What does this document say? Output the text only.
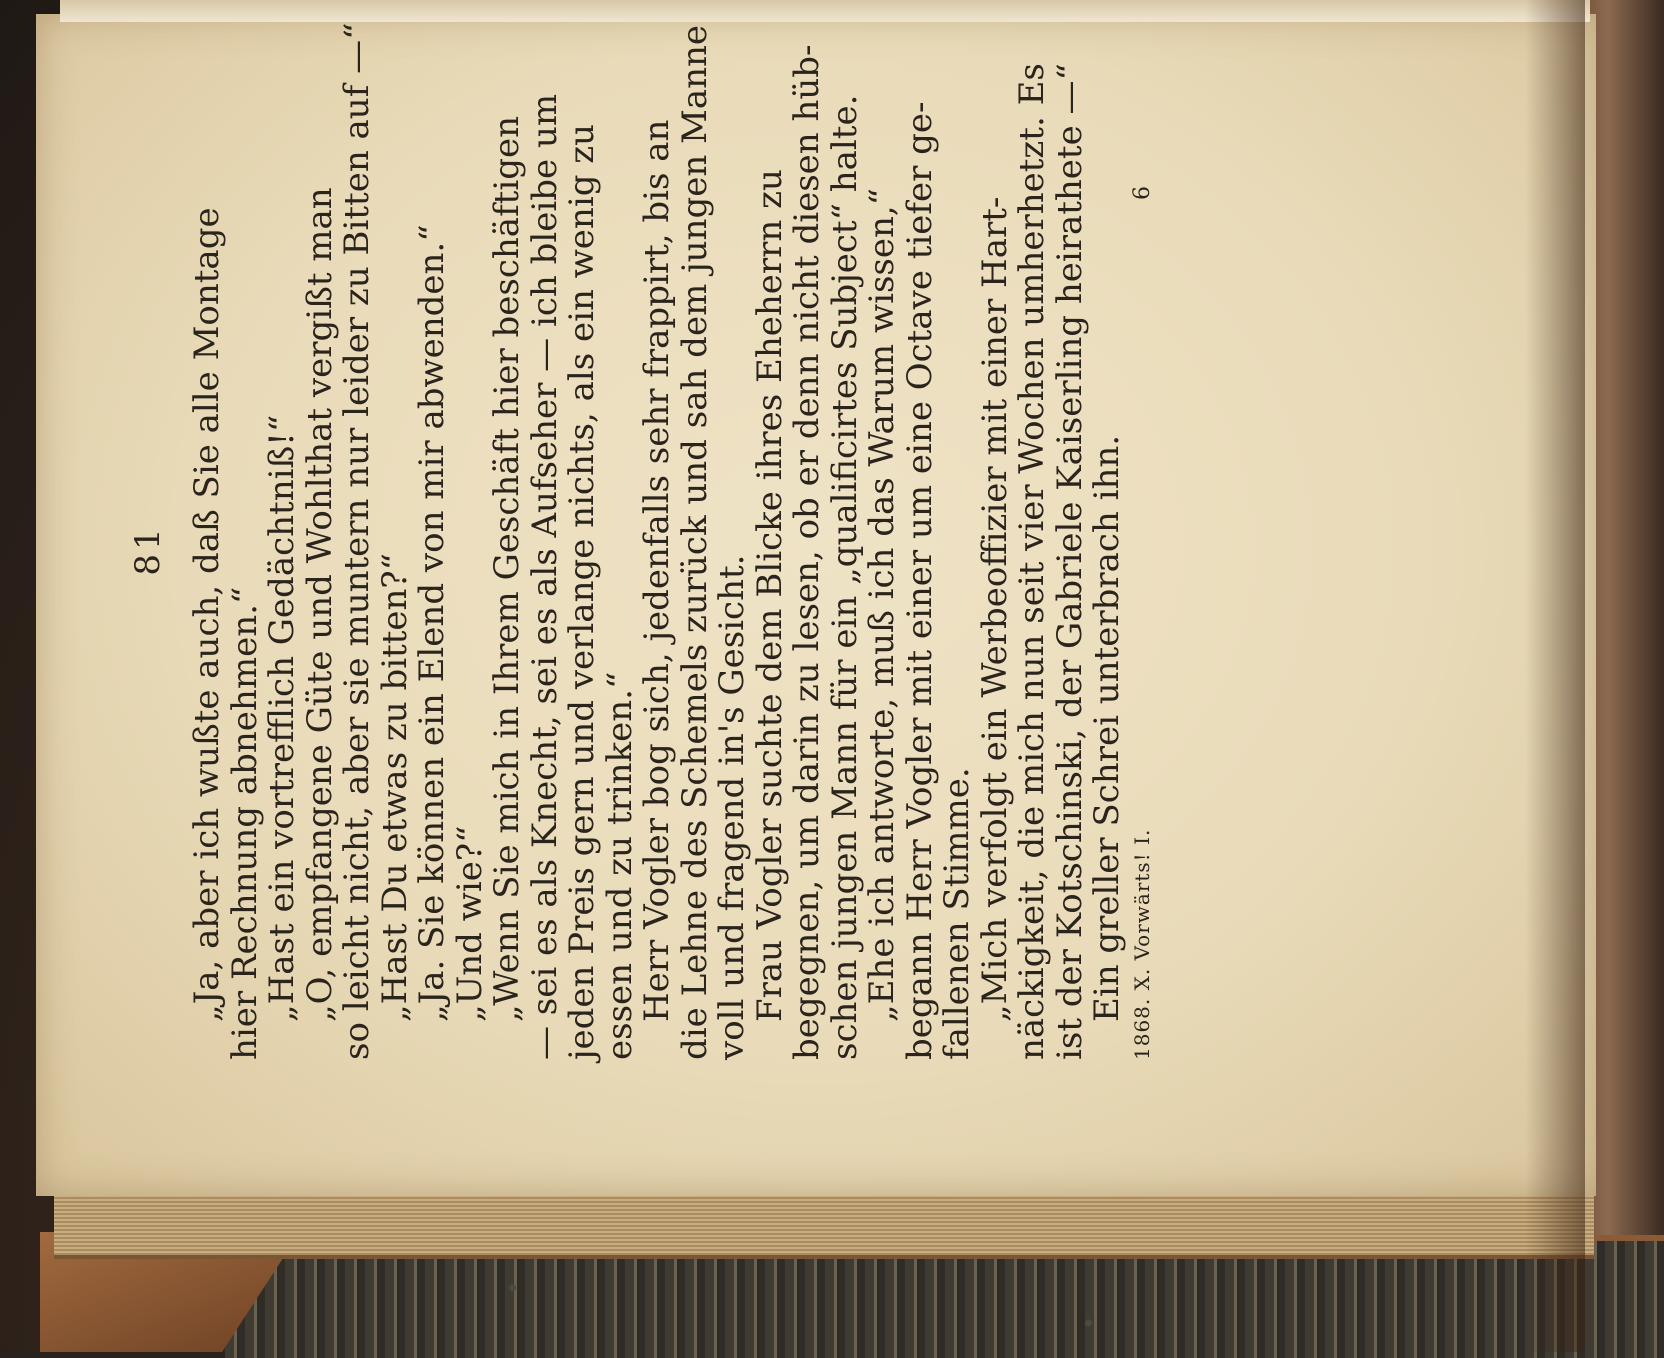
81 „Ja, aber ich wußte auch, daß Sie alle Montage
hier Rechnung abnehmen.“
„Hast ein vortrefflich Gedächtniß!“
„O, empfangene Güte und Wohlthat vergißt man
so leicht nicht, aber sie muntern nur leider zu Bitten auf —“
„Hast Du etwas zu bitten?“
„Ja. Sie können ein Elend von mir abwenden.“
„Und wie?“
„Wenn Sie mich in Ihrem Geschäft hier beschäftigen
— sei es als Knecht, sei es als Aufseher — ich bleibe um
jeden Preis gern und verlange nichts, als ein wenig zu
essen und zu trinken.“
Herr Vogler bog sich, jedenfalls sehr frappirt, bis an
die Lehne des Schemels zurück und sah dem jungen Manne
voll und fragend in's Gesicht.
Frau Vogler suchte dem Blicke ihres Eheherrn zu
begegnen, um darin zu lesen, ob er denn nicht diesen hüb-
schen jungen Mann für ein „qualificirtes Subject“ halte.
„Ehe ich antworte, muß ich das Warum wissen,“
begann Herr Vogler mit einer um eine Octave tiefer ge-
fallenen Stimme.
„Mich verfolgt ein Werbeoffizier mit einer Hart-
näckigkeit, die mich nun seit vier Wochen umherhetzt. Es
ist der Kotschinski, der Gabriele Kaiserling heirathete —“
Ein greller Schrei unterbrach ihn. 1868. X. Vorwärts! I.
6
